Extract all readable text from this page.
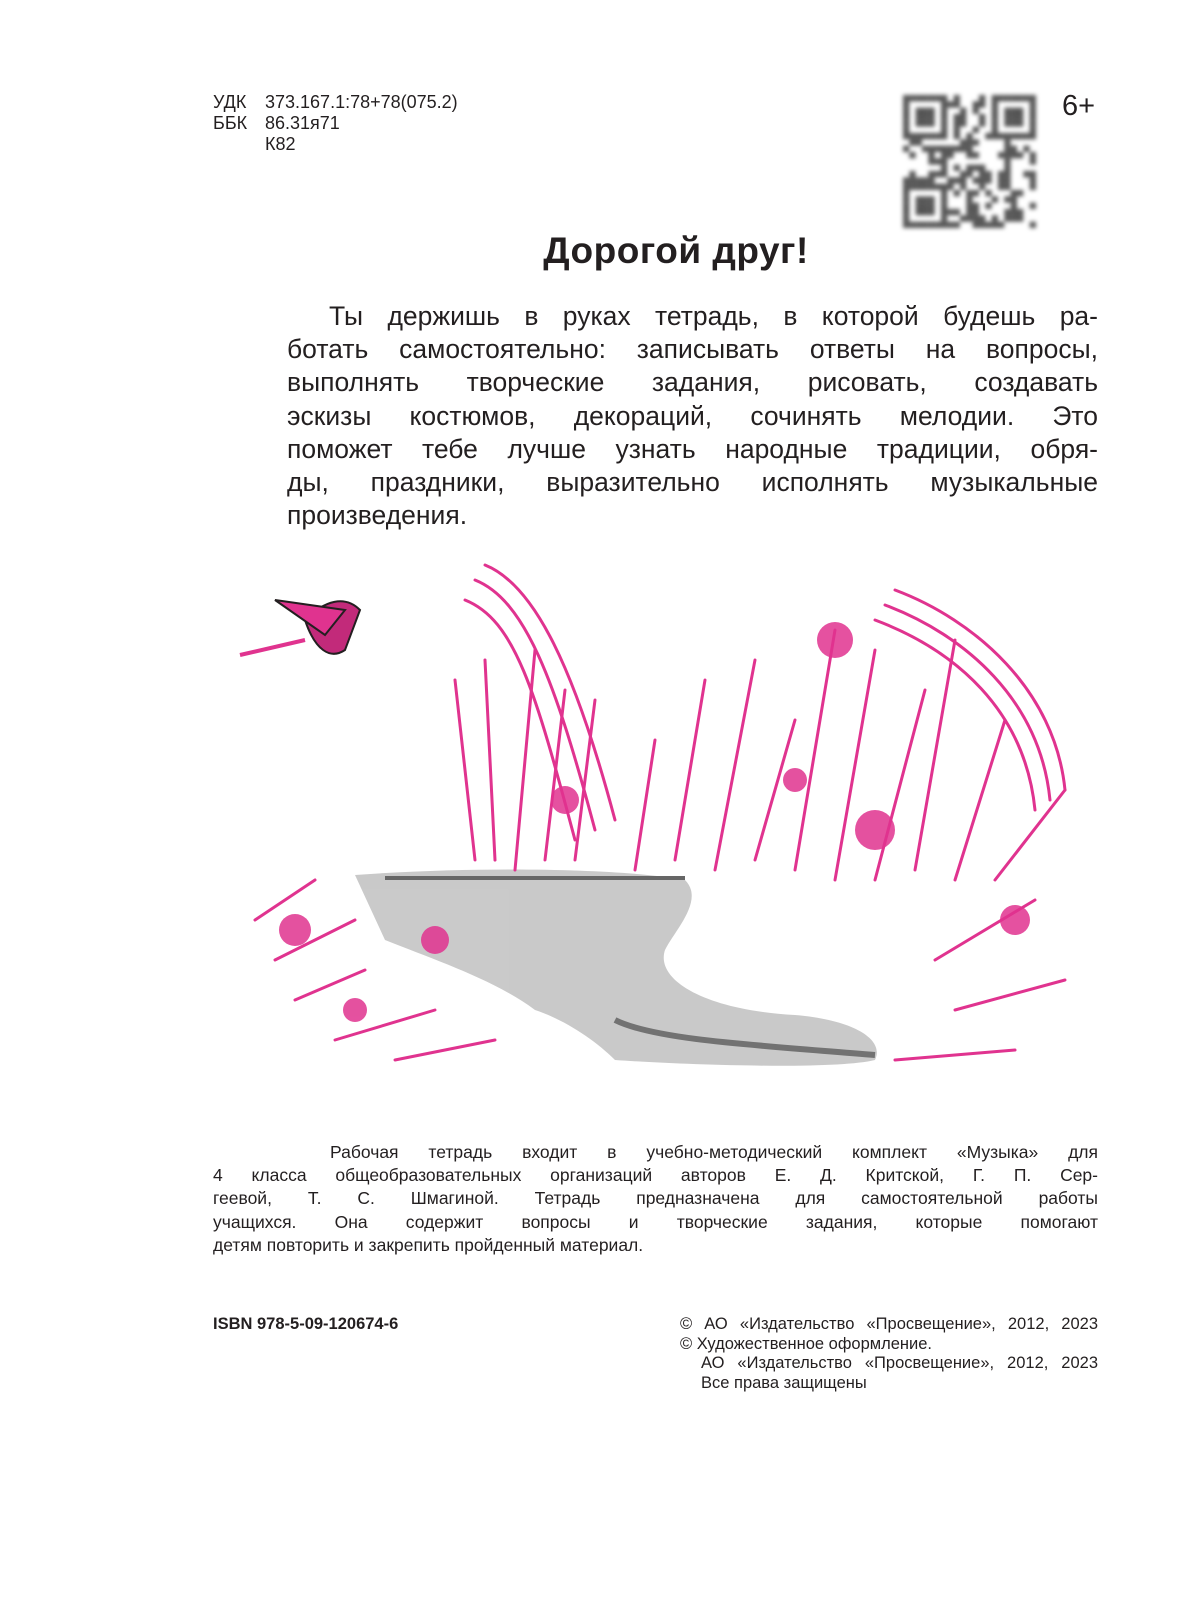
УДК	373.167.1:78+78(075.2)
ББК 86.31я71
К82
6+
Дорогой друг!
Ты держишь в руках тетрадь, в которой будешь ра-
ботать самостоятельно: записывать ответы на вопросы,
выполнять творческие задания, рисовать, создавать
эскизы костюмов, декораций, сочинять мелодии. Это
поможет тебе лучше узнать народные традиции, обря-
ды, праздники, выразительно исполнять музыкальные
произведения.
Рабочая тетрадь входит в учебно-методический комплект «Музыка» для
4 класса общеобразовательных организаций авторов Е. Д. Критской, Г. П. Сер-
геевой, Т. С. Шмагиной. Тетрадь предназначена для самостоятельной работы
учащихся. Она содержит вопросы и творческие задания, которые помогают
детям повторить и закрепить пройденный материал.
ISBN 978-5-09-120674-6	© АО «Издательство «Просвещение», 2012, 2023
© Художественное оформление.
АО «Издательство «Просвещение», 2012, 2023
Все права защищены
